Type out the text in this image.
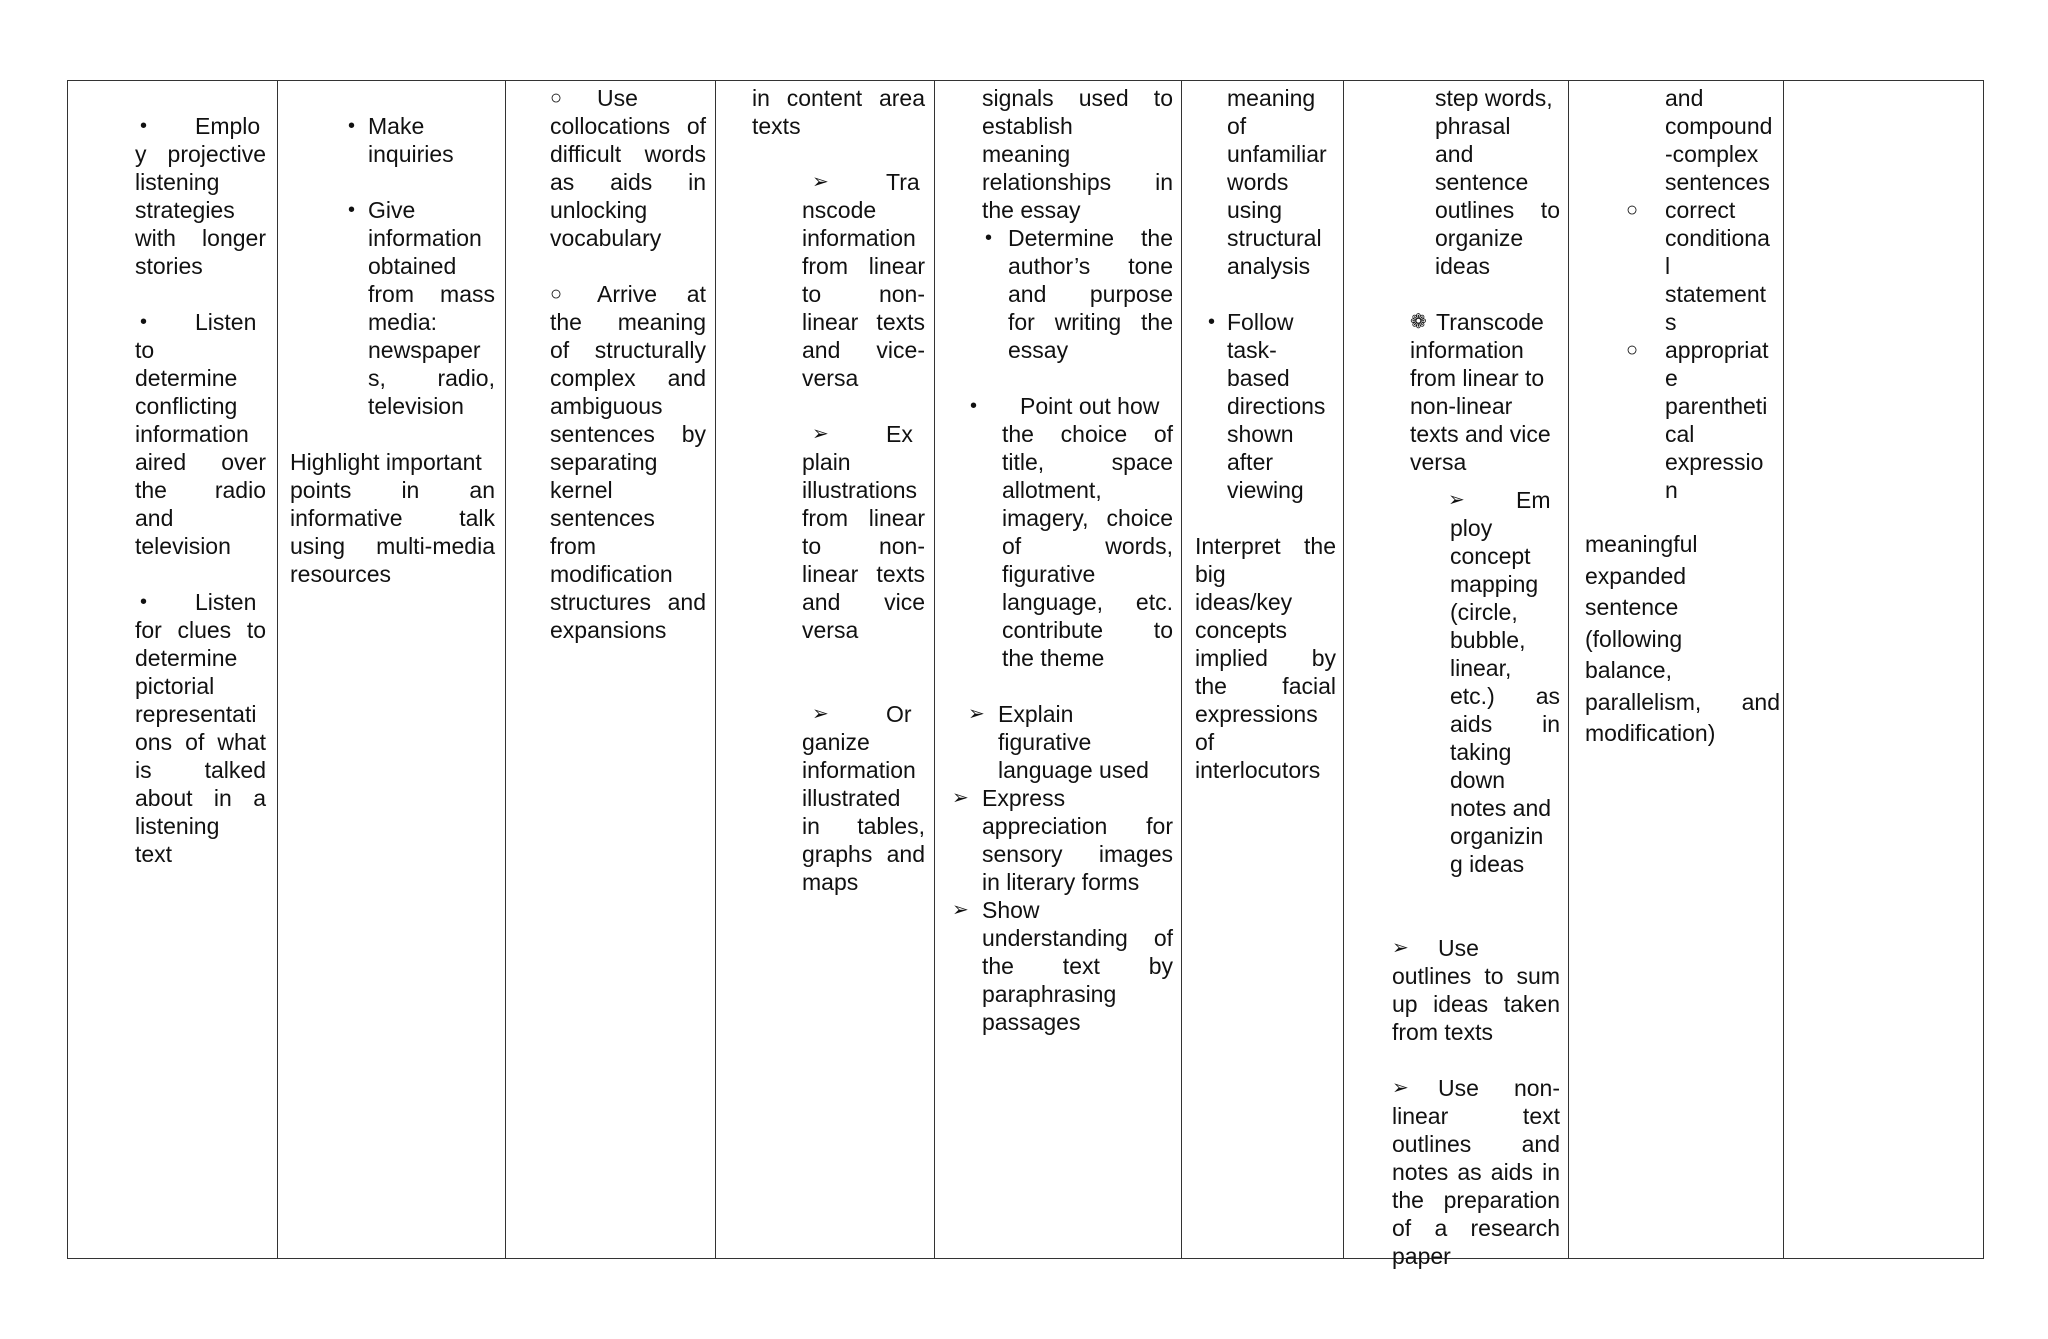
• Emplo
y projective
listening
strategies
with longer
stories
• Listen
to
determine
conflicting
information
aired over
the radio
and
television
• Listen
for clues to
determine
pictorial
representati
ons of what
is talked
about in a
listening
text
• Make
inquiries
• Give
information
obtained
from mass
media:
newspaper
s, radio,
television
Highlight important
points in an
informative talk
using multi-media
resources
○ Use
collocations of
difficult words
as aids in
unlocking
vocabulary
○ Arrive at
the meaning
of structurally
complex and
ambiguous
sentences by
separating
kernel
sentences
from
modification
structures and
expansions
in content area
texts
➢ Tra
nscode
information
from linear
to non-
linear texts
and vice-
versa
➢ Ex
plain
illustrations
from linear
to non-
linear texts
and vice
versa
➢ Or
ganize
information
illustrated
in tables,
graphs and
maps
signals used to
establish
meaning
relationships in
the essay
• Determine the
author’s tone
and purpose
for writing the
essay
• Point out how
the choice of
title, space
allotment,
imagery, choice
of words,
figurative
language, etc.
contribute to
the theme
➢ Explain
figurative
language used
➢ Express
appreciation for
sensory images
in literary forms
➢ Show
understanding of
the text by
paraphrasing
passages
meaning
of
unfamiliar
words
using
structural
analysis
• Follow
task-
based
directions
shown
after
viewing
Interpret the
big
ideas/key
concepts
implied by
the facial
expressions
of
interlocutors
step words,
phrasal
and
sentence
outlines to
organize
ideas
❁ Transcode
information
from linear to
non-linear
texts and vice
versa
➢ Em
ploy
concept
mapping
(circle,
bubble,
linear,
etc.) as
aids in
taking
down
notes and
organizin
g ideas
➢ Use
outlines to sum
up ideas taken
from texts
➢ Use non-
linear text
outlines and
notes as aids in
the preparation
of a research
paper
and
compound
-complex
sentences
○ correct
conditiona
l
statement
s
○ appropriat
e
parentheti
cal
expressio
n
meaningful
expanded
sentence
(following
balance,
parallelism, and
modification)
